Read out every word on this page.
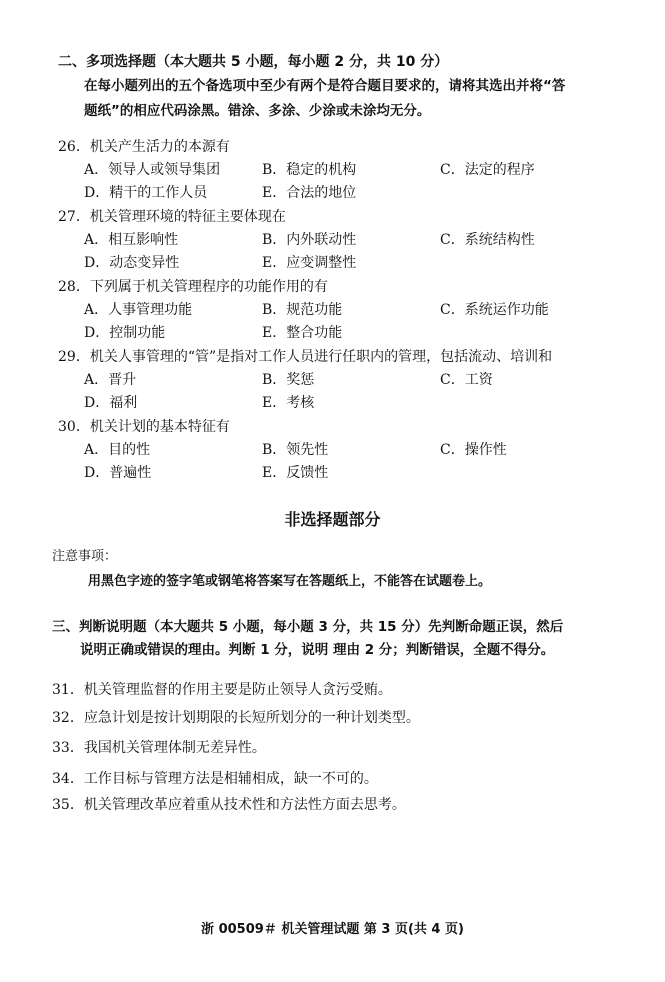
二、多项选择题（本大题共 5 小题，每小题 2 分，共 10 分）
在每小题列出的五个备选项中至少有两个是符合题目要求的，请将其选出并将“答
题纸”的相应代码涂黑。错涂、多涂、少涂或未涂均无分。
26．机关产生活力的本源有
A．领导人或领导集团	B．稳定的机构	C．法定的程序
D．精干的工作人员	E．合法的地位
27．机关管理环境的特征主要体现在
A．相互影响性	B．内外联动性	C．系统结构性
D．动态变异性	E．应变调整性
28．下列属于机关管理程序的功能作用的有
A．人事管理功能	B．规范功能	C．系统运作功能
D．控制功能	E．整合功能
29．机关人事管理的“管”是指对工作人员进行任职内的管理，包括流动、培训和
A．晋升	B．奖惩	C．工资
D．福利	E．考核
30．机关计划的基本特征有
A．目的性	B．领先性	C．操作性
D．普遍性	E．反馈性
非选择题部分
注意事项：
用黑色字迹的签字笔或钢笔将答案写在答题纸上，不能答在试题卷上。
三、判断说明题（本大题共 5 小题，每小题 3 分，共 15 分）先判断命题正误，然后
说明正确或错误的理由。判断 1 分，说明 理由 2 分；判断错误，全题不得分。
31．机关管理监督的作用主要是防止领导人贪污受贿。
32．应急计划是按计划期限的长短所划分的一种计划类型。
33．我国机关管理体制无差异性。
34．工作目标与管理方法是相辅相成，缺一不可的。
35．机关管理改革应着重从技术性和方法性方面去思考。
浙 00509＃ 机关管理试题 第 3 页(共 4 页)
